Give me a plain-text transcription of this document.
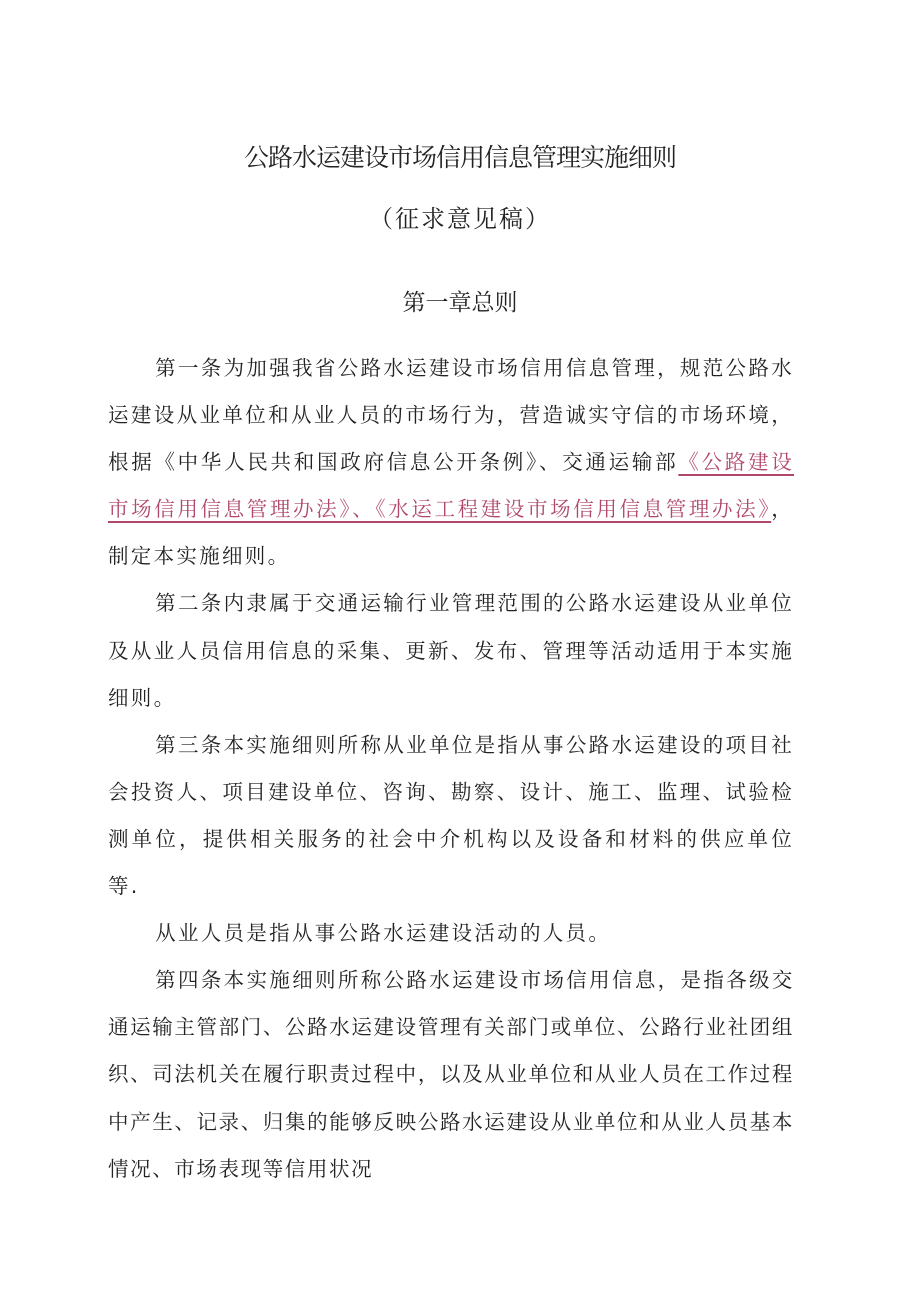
公路水运建设市场信用信息管理实施细则
（征求意见稿）
第一章总则

第一条为加强我省公路水运建设市场信用信息管理，规范公路水运建设从业单位和从业人员的市场行为，营造诚实守信的市场环境，根据《中华人民共和国政府信息公开条例》、交通运输部《公路建设市场信用信息管理办法》、《水运工程建设市场信用信息管理办法》，制定本实施细则。

第二条内隶属于交通运输行业管理范围的公路水运建设从业单位及从业人员信用信息的采集、更新、发布、管理等活动适用于本实施细则。

第三条本实施细则所称从业单位是指从事公路水运建设的项目社会投资人、项目建设单位、咨询、勘察、设计、施工、监理、试验检测单位，提供相关服务的社会中介机构以及设备和材料的供应单位等.

从业人员是指从事公路水运建设活动的人员。

第四条本实施细则所称公路水运建设市场信用信息，是指各级交通运输主管部门、公路水运建设管理有关部门或单位、公路行业社团组织、司法机关在履行职责过程中，以及从业单位和从业人员在工作过程中产生、记录、归集的能够反映公路水运建设从业单位和从业人员基本情况、市场表现等信用状况
